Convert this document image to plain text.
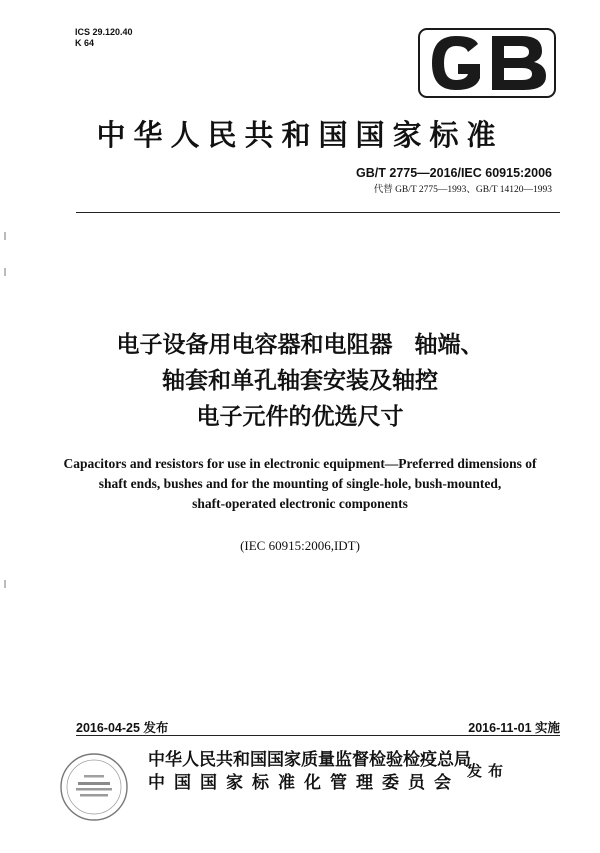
ICS 29.120.40
K 64
中华人民共和国国家标准
GB/T 2775—2016/IEC 60915:2006
代替 GB/T 2775—1993、GB/T 14120—1993
电子设备用电容器和电阻器 轴端、
轴套和单孔轴套安装及轴控
电子元件的优选尺寸
Capacitors and resistors for use in electronic equipment—Preferred dimensions of
shaft ends, bushes and for the mounting of single-hole, bush-mounted,
shaft-operated electronic components
(IEC 60915:2006,IDT)
2016-04-25 发布	2016-11-01 实施
中华人民共和国国家质量监督检验检疫总局
中国国家标准化管理委员会
发布
